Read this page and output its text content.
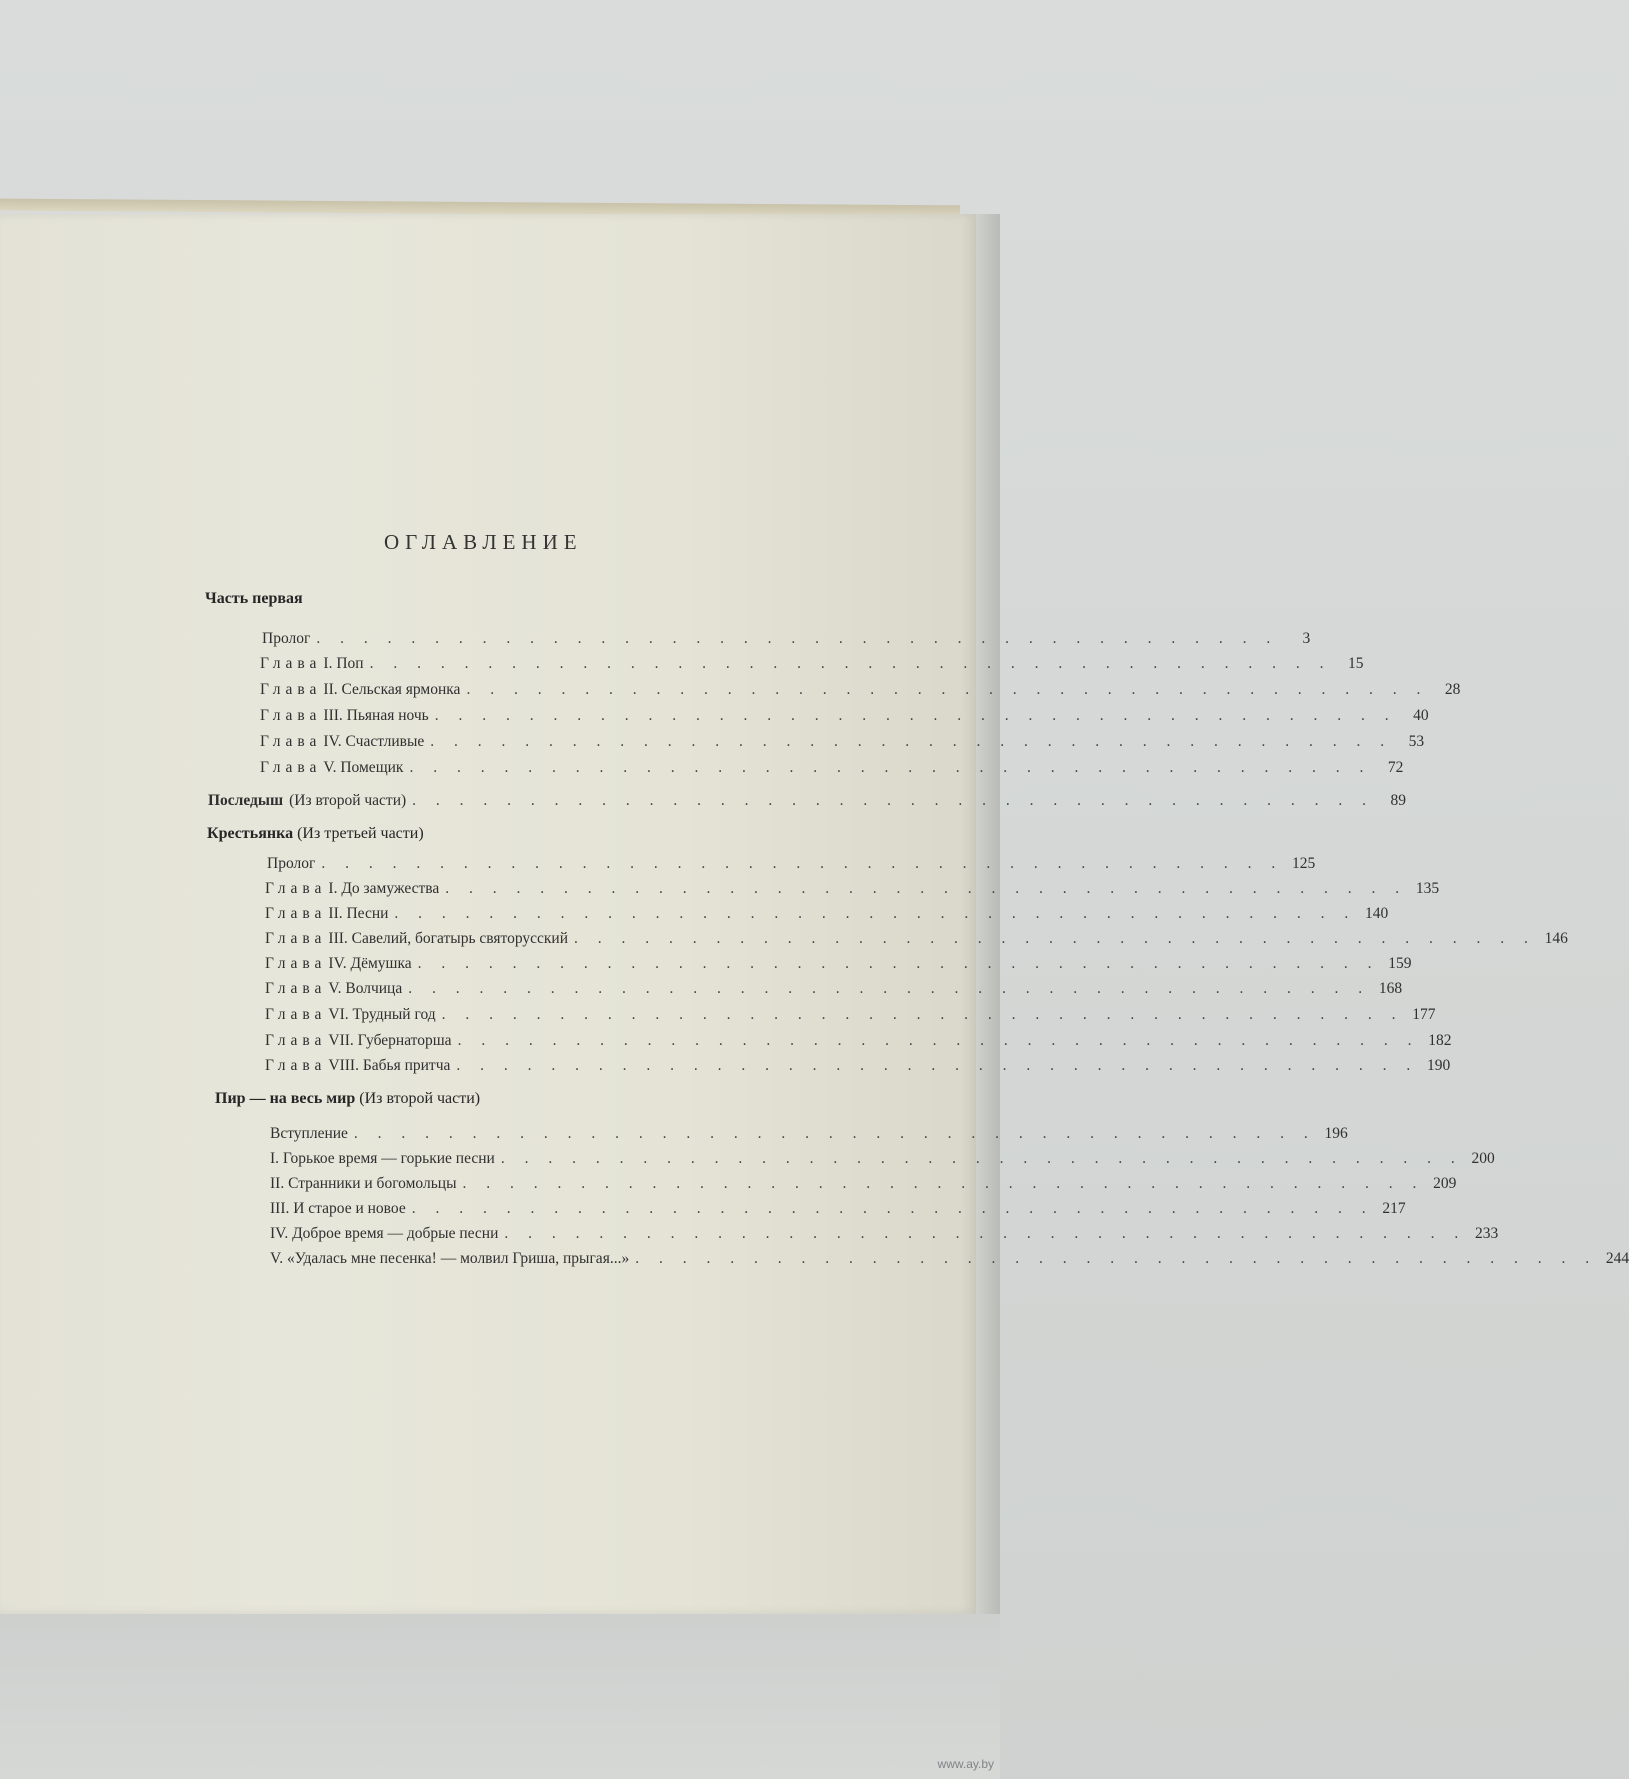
ОГЛАВЛЕНИЕ
Часть первая
Пролог . . . . . . . . . . . . . . . . . . . . . . . . . . . . . . . . . . . . . . . . .	3
Глава I. Поп . . . . . . . . . . . . . . . . . . . . . . . . . . . . . . . . . . . . . . . . .	15
Глава II. Сельская ярмонка . . . . . . . . . . . . . . . . . . . . . . . . . . . . . . . . . . . . . . . . .	28
Глава III. Пьяная ночь . . . . . . . . . . . . . . . . . . . . . . . . . . . . . . . . . . . . . . . . .	40
Глава IV. Счастливые . . . . . . . . . . . . . . . . . . . . . . . . . . . . . . . . . . . . . . . . .	53
Глава V. Помещик . . . . . . . . . . . . . . . . . . . . . . . . . . . . . . . . . . . . . . . . .	72
Последыш (Из второй части) . . . . . . . . . . . . . . . . . . . . . . . . . . . . . . . . . . . . . . . . .	89
Крестьянка (Из третьей части)
Пролог . . . . . . . . . . . . . . . . . . . . . . . . . . . . . . . . . . . . . . . . . 125
Глава I. До замужества . . . . . . . . . . . . . . . . . . . . . . . . . . . . . . . . . . . . . . . . . 135
Глава II. Песни . . . . . . . . . . . . . . . . . . . . . . . . . . . . . . . . . . . . . . . . . 140
Глава III. Савелий, богатырь святорусский . . . . . . . . . . . . . . . . . . . . . . . . . . . . . . . . . . . . . . . . . 146
Глава IV. Дёмушка . . . . . . . . . . . . . . . . . . . . . . . . . . . . . . . . . . . . . . . . . 159
Глава V. Волчица . . . . . . . . . . . . . . . . . . . . . . . . . . . . . . . . . . . . . . . . . 168
Глава VI. Трудный год . . . . . . . . . . . . . . . . . . . . . . . . . . . . . . . . . . . . . . . . . 177
Глава VII. Губернаторша . . . . . . . . . . . . . . . . . . . . . . . . . . . . . . . . . . . . . . . . . 182
Глава VIII. Бабья притча . . . . . . . . . . . . . . . . . . . . . . . . . . . . . . . . . . . . . . . . . 190
Пир — на весь мир (Из второй части)
Вступление . . . . . . . . . . . . . . . . . . . . . . . . . . . . . . . . . . . . . . . . . 196
I. Горькое время — горькие песни . . . . . . . . . . . . . . . . . . . . . . . . . . . . . . . . . . . . . . . . . 200
II. Странники и богомольцы . . . . . . . . . . . . . . . . . . . . . . . . . . . . . . . . . . . . . . . . . 209
III. И старое и новое . . . . . . . . . . . . . . . . . . . . . . . . . . . . . . . . . . . . . . . . . 217
IV. Доброе время — добрые песни . . . . . . . . . . . . . . . . . . . . . . . . . . . . . . . . . . . . . . . . . 233
V. «Удалась мне песенка! — молвил Гриша, прыгая...» . . . . . . . . . . . . . . . . . . . . . . . . . . . . . . . . . . . . . . . . . 244
www.ay.by
